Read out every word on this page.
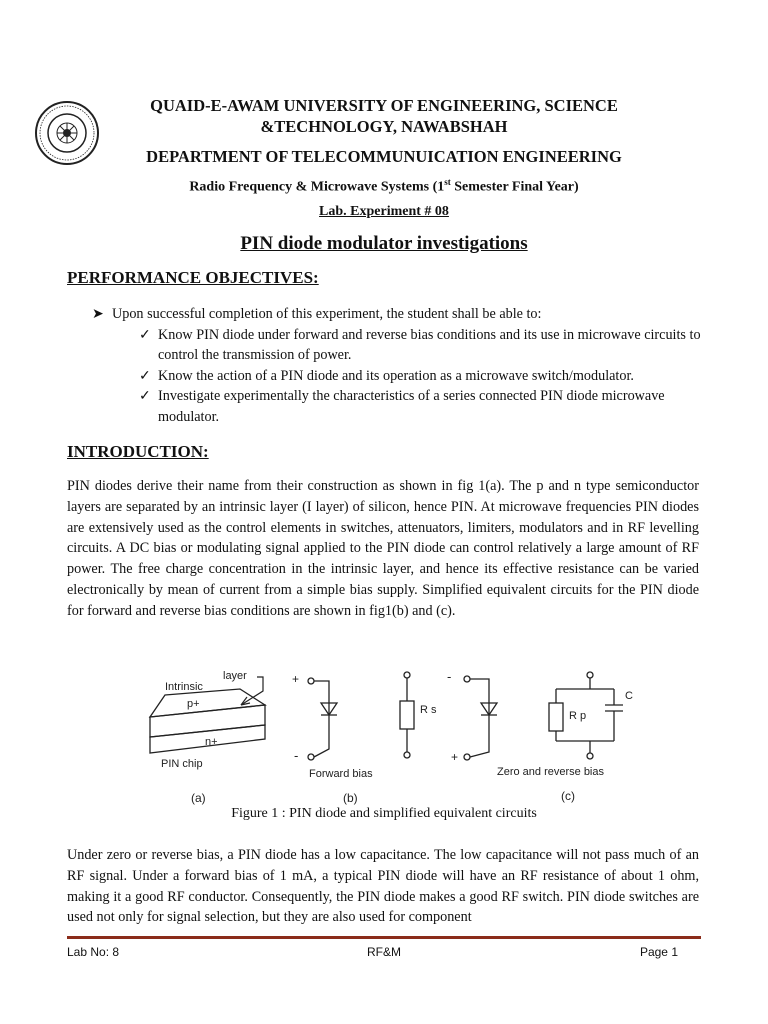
QUAID-E-AWAM UNIVERSITY OF ENGINEERING, SCIENCE
&TECHNOLOGY, NAWABSHAH
DEPARTMENT OF TELECOMMUNUICATION ENGINEERING
Radio Frequency & Microwave Systems (1st Semester Final Year)
Lab. Experiment # 08
PIN diode modulator investigations
PERFORMANCE OBJECTIVES:
➤ Upon successful completion of this experiment, the student shall be able to:
✓ Know PIN diode under forward and reverse bias conditions and its use in microwave circuits to control the transmission of power.
✓ Know the action of a PIN diode and its operation as a microwave switch/modulator.
✓ Investigate experimentally the characteristics of a series connected PIN diode microwave modulator.
INTRODUCTION:
PIN diodes derive their name from their construction as shown in fig 1(a). The p and n type semiconductor layers are separated by an intrinsic layer (I layer) of silicon, hence PIN. At microwave frequencies PIN diodes are extensively used as the control elements in switches, attenuators, limiters, modulators and in RF levelling circuits. A DC bias or modulating signal applied to the PIN diode can control relatively a large amount of RF power. The free charge concentration in the intrinsic layer, and hence its effective resistance can be varied electronically by mean of current from a simple bias supply. Simplified equivalent circuits for the PIN diode for forward and reverse bias conditions are shown in fig1(b) and (c).
layer
Intrinsic
p+
n+
PIN chip
(a)
+
-
R s
Forward bias
(b)
-
+
R p
C
Zero and reverse bias
(c)
Figure 1 : PIN diode and simplified equivalent circuits
Under zero or reverse bias, a PIN diode has a low capacitance. The low capacitance will not pass much of an RF signal. Under a forward bias of 1 mA, a typical PIN diode will have an RF resistance of about 1 ohm, making it a good RF conductor. Consequently, the PIN diode makes a good RF switch. PIN diode switches are used not only for signal selection, but they are also used for component
Lab No: 8	RF&M	Page 1
